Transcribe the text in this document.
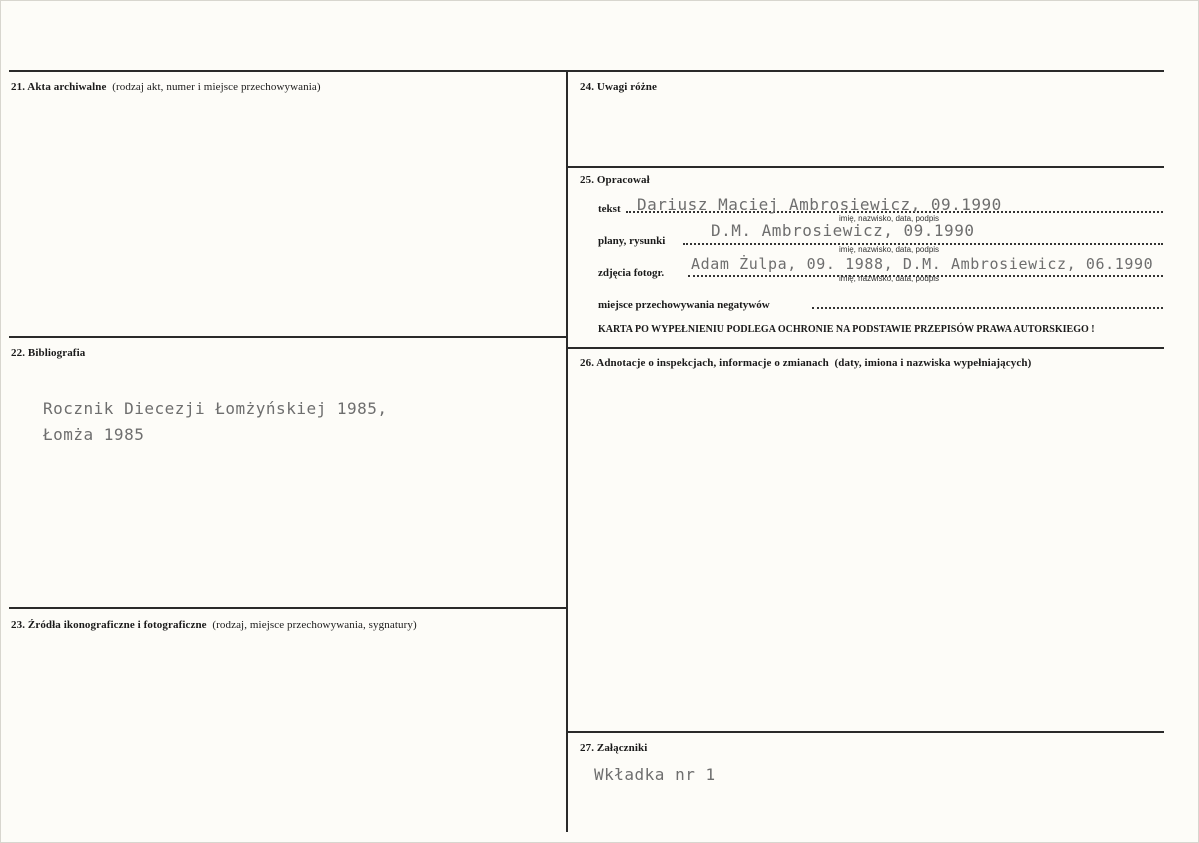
21. Akta archiwalne (rodzaj akt, numer i miejsce przechowywania)
22. Bibliografia
Rocznik Diecezji Łomżyńskiej 1985,
Łomża 1985
23. Źródła ikonograficzne i fotograficzne (rodzaj, miejsce przechowywania, sygnatury)
24. Uwagi różne
25. Opracował
tekst Dariusz Maciej Ambrosiewicz, 09.1990
imię, nazwisko, data, podpis
plany, rysunki
D.M. Ambrosiewicz, 09.1990
imię, nazwisko, data, podpis
zdjęcia fotogr. Adam Żulpa, 09. 1988, D.M. Ambrosiewicz, 06.1990
imię, nazwisko, data, podpis
miejsce przechowywania negatywów
KARTA PO WYPEŁNIENIU PODLEGA OCHRONIE NA PODSTAWIE PRZEPISÓW PRAWA AUTORSKIEGO !
26. Adnotacje o inspekcjach, informacje o zmianach (daty, imiona i nazwiska wypełniających)
27. Załączniki
Wkładka nr 1
